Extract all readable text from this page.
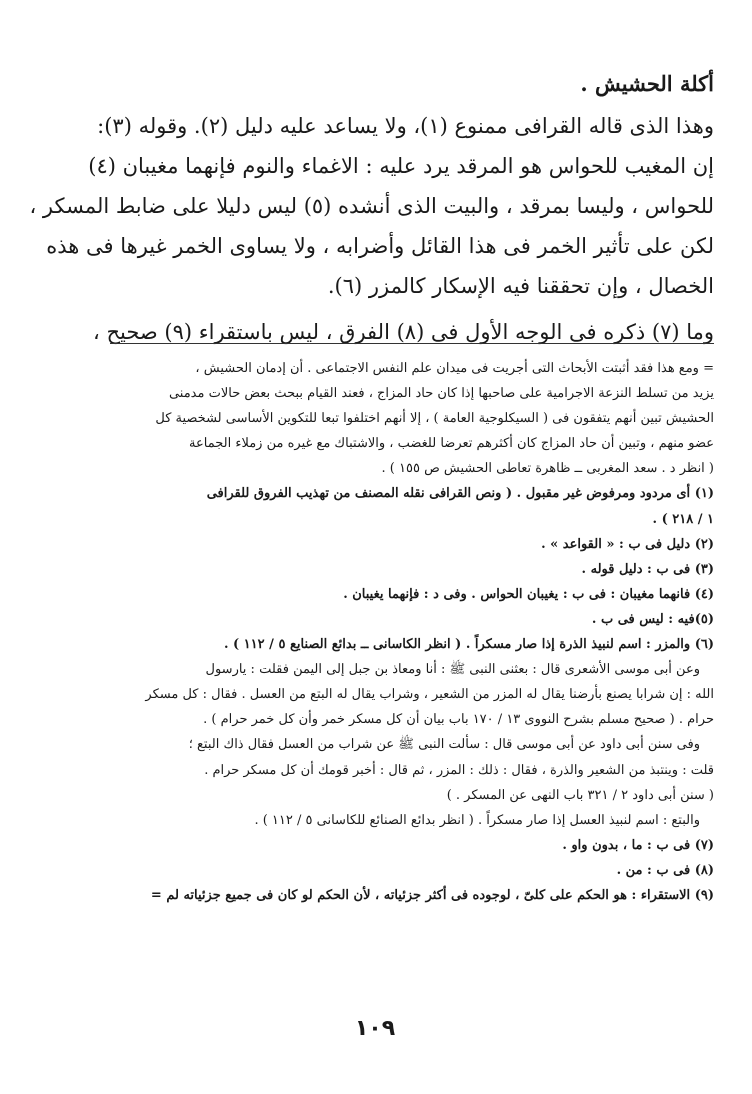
أكلة الحشيش .
وهذا الذى قاله القرافى ممنوع (١)، ولا يساعد عليه دليل (٢). وقوله (٣):
إن المغيب للحواس هو المرقد يرد عليه : الاغماء والنوم فإنهما مغيبان (٤)
للحواس ، وليسا بمرقد ، والبيت الذى أنشده (٥) ليس دليلا على ضابط المسكر ،
لكن على تأثير الخمر فى هذا القائل وأضرابه ، ولا يساوى الخمر غيرها فى هذه
الخصال ، وإن تحققنا فيه الإسكار كالمزر (٦).
وما (٧) ذكره فى الوجه الأول فى (٨) الفرق ، ليس باستقراء (٩) صحيح ،
= ومع هذا فقد أثبتت الأبحاث التى أجريت فى ميدان علم النفس الاجتماعى . أن إدمان الحشيش ،
يزيد من تسلط النزعة الاجرامية على صاحبها إذا كان حاد المزاج ، فعند القيام ببحث بعض حالات مدمنى
الحشيش تبين أنهم يتفقون فى ( السيكلوجية العامة ) ، إلا أنهم اختلفوا تبعا للتكوين الأساسى لشخصية كل
عضو منهم ، وتبين أن حاد المزاج كان أكثرهم تعرضا للغضب ، والاشتباك مع غيره من زملاء الجماعة
( انظر د . سعد المغربى ــ ظاهرة تعاطى الحشيش ص ١٥٥ ) .
(١) أى مردود ومرفوض غير مقبول . ( ونص القرافى نقله المصنف من تهذيب الفروق للقرافى
١ / ٢١٨ ) .
(٢) دليل فى ب : « القواعد » .
(٣) فى ب : دليل قوله .
(٤) فانهما مغيبان : فى ب : يغيبان الحواس . وفى د : فإنهما يغيبان .
(٥)فيه : ليس فى ب .
(٦) والمزر : اسم لنبيذ الذرة إذا صار مسكراً . ( انظر الكاسانى ــ بدائع الصنايع ٥ / ١١٢ ) .
وعن أبى موسى الأشعرى قال : بعثنى النبى ﷺ : أنا ومعاذ بن جبل إلى اليمن فقلت : يارسول
الله : إن شرابا يصنع بأرضنا يقال له المزر من الشعير ، وشراب يقال له البتع من العسل . فقال : كل مسكر
حرام . ( صحيح مسلم بشرح النووى ١٣ / ١٧٠ باب بيان أن كل مسكر خمر وأن كل خمر حرام ) .
وفى سنن أبى داود عن أبى موسى قال : سألت النبى ﷺ عن شراب من العسل فقال ذاك البتع ؛
قلت : وينتبذ من الشعير والذرة ، فقال : ذلك : المزر ، ثم قال : أخبر قومك أن كل مسكر حرام .
( سنن أبى داود ٢ / ٣٢١ باب النهى عن المسكر . )
والبتع : اسم لنبيذ العسل إذا صار مسكراً . ( انظر بدائع الصنائع للكاسانى ٥ / ١١٢ ) .
(٧) فى ب : ما ، بدون واو .
(٨) فى ب : من .
(٩) الاستقراء : هو الحكم على كلىّ ، لوجوده فى أكثر جزئياته ، لأن الحكم لو كان فى جميع جزئياته لم =
١٠٩
